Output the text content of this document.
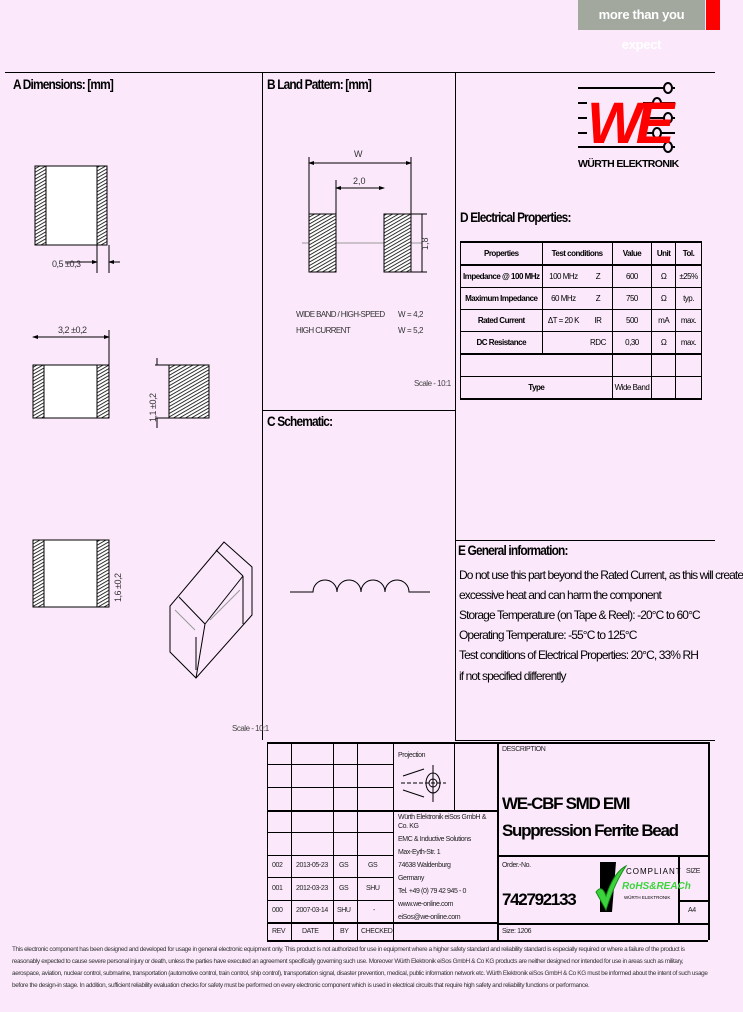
more than you expect
WE
WÜRTH ELEKTRONIK
A Dimensions: [mm]	B Land Pattern: [mm]
C Schematic:
D Electrical Properties:
E General information:
0,5 ±0,3
3,2 ±0,2
1,1 ±0,2
1,6 ±0,2
Scale - 10:1
W
2,0
1,8
WIDE BAND / HIGH-SPEED W = 4,2
HIGH CURRENT	W = 5,2
Scale - 10:1
Properties	Test conditions		Value	Unit	Tol.
Impedance @ 100 MHz	100 MHz	Z	600	Ω	±25%
Maximum Impedance	60 MHz	Z	750	Ω	typ.
Rated Current	ΔT = 20 K	IR	500	mA	max.
DC Resistance		RDC	0,30	Ω	max.

Type			Wide Band		
Do not use this part beyond the Rated Current, as this will create
excessive heat and can harm the component
Storage Temperature (on Tape & Reel): -20°C to 60°C
Operating Temperature: -55°C to 125°C
Test conditions of Electrical Properties: 20°C, 33% RH
if not specified differently
Projection
002 2013-05-23 GS	GS
001 2012-03-23 GS	SHU
000 2007-03-14 SHU	-
REV DATE	BY CHECKED
Würth Elektronik eiSos GmbH & Co. KG
EMC & Inductive Solutions
Max-Eyth-Str. 1
74638 Waldenburg
Germany
Tel. +49 (0) 79 42 945 - 0
www.we-online.com
eiSos@we-online.com
DESCRIPTION
WE-CBF SMD EMI Suppression Ferrite Bead
Order.-No.
742792133
COMPLIANT
RoHS&REACh
WÜRTH ELEKTRONIK
SIZE
A4
Size: 1206
This electronic component has been designed and developed for usage in general electronic equipment only. This product is not authorized for use in equipment where a higher safety standard and reliability standard is especially required or where a failure of the product is reasonably expected to cause severe personal injury or death, unless the parties have executed an agreement specifically governing such use. Moreover Würth Elektronik eiSos GmbH & Co KG products are neither designed nor intended for use in areas such as military, aerospace, aviation, nuclear control, submarine, transportation (automotive control, train control, ship control), transportation signal, disaster prevention, medical, public information network etc. Würth Elektronik eiSos GmbH & Co KG must be informed about the intent of such usage before the design-in stage. In addition, sufficient reliability evaluation checks for safety must be performed on every electronic component which is used in electrical circuits that require high safety and reliability functions or performance.
